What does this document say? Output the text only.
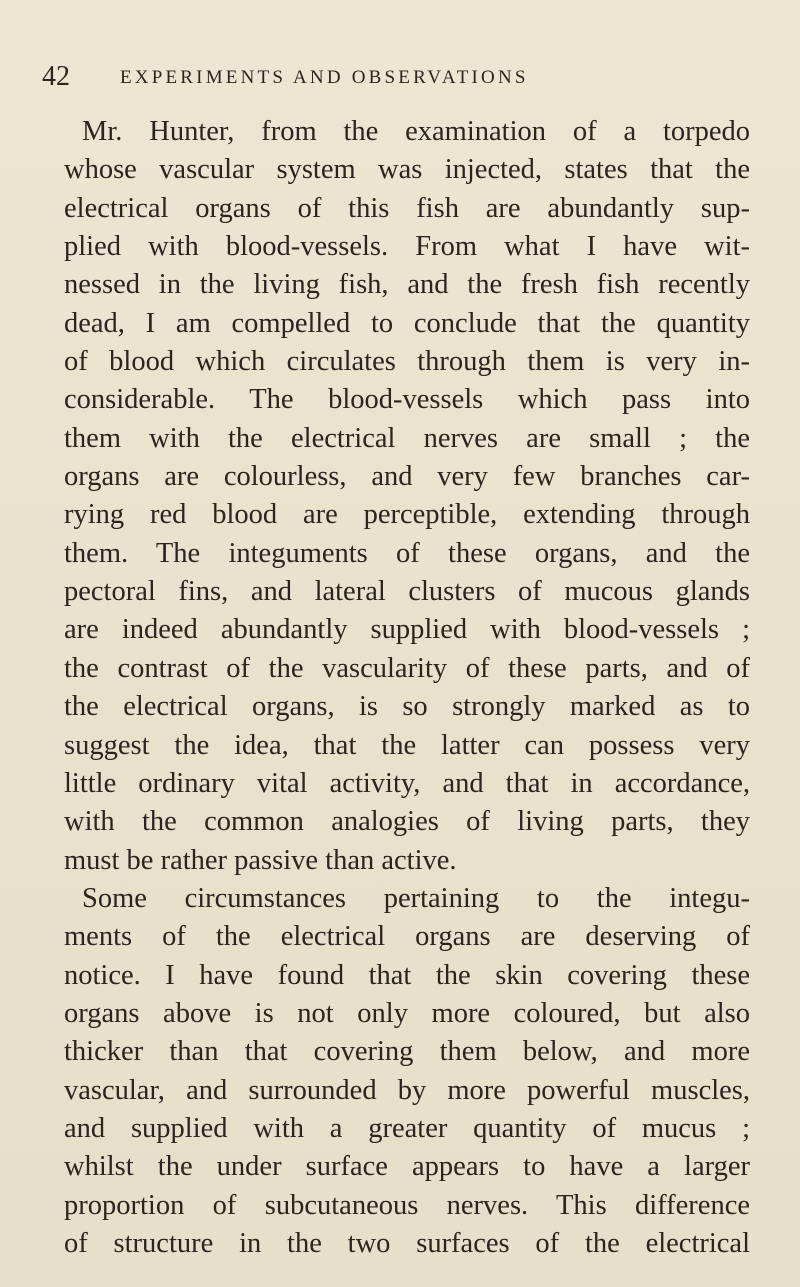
42	EXPERIMENTS AND OBSERVATIONS
Mr. Hunter, from the examination of a torpedo
whose vascular system was injected, states that the
electrical organs of this fish are abundantly sup-
plied with blood-vessels. From what I have wit-
nessed in the living fish, and the fresh fish recently
dead, I am compelled to conclude that the quantity
of blood which circulates through them is very in-
considerable. The blood-vessels which pass into
them with the electrical nerves are small ; the
organs are colourless, and very few branches car-
rying red blood are perceptible, extending through
them. The integuments of these organs, and the
pectoral fins, and lateral clusters of mucous glands
are indeed abundantly supplied with blood-vessels ;
the contrast of the vascularity of these parts, and of
the electrical organs, is so strongly marked as to
suggest the idea, that the latter can possess very
little ordinary vital activity, and that in accordance,
with the common analogies of living parts, they
must be rather passive than active.
Some circumstances pertaining to the integu-
ments of the electrical organs are deserving of
notice. I have found that the skin covering these
organs above is not only more coloured, but also
thicker than that covering them below, and more
vascular, and surrounded by more powerful muscles,
and supplied with a greater quantity of mucus ;
whilst the under surface appears to have a larger
proportion of subcutaneous nerves. This difference
of structure in the two surfaces of the electrical
